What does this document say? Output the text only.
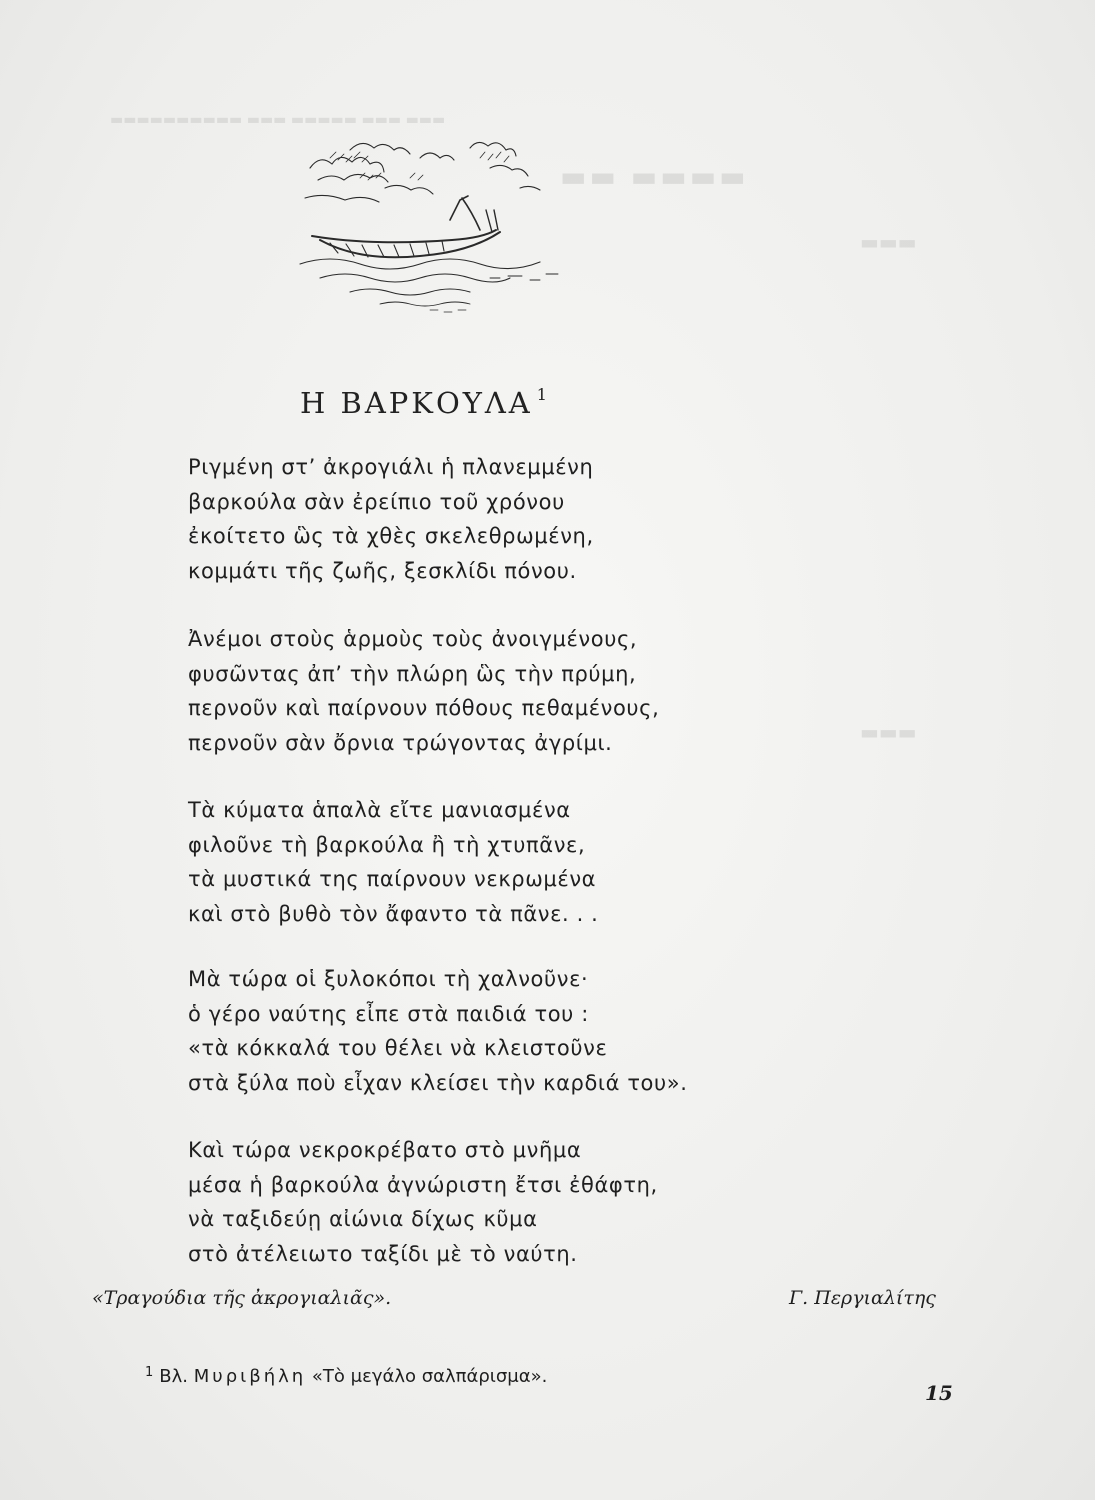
▬▬▬▬▬▬▬▬▬▬ ▬▬▬ ▬▬▬▬▬ ▬▬▬ ▬▬▬
▬▬ ▬▬▬▬
▬▬▬
▬▬▬
Η ΒΑΡΚΟΥΛΑ $^1$
Ριγμένη στ’ ἀκρογιάλι ἡ πλανεμμένη
βαρκούλα σὰν ἐρείπιο τοῦ χρόνου
ἐκοίτετο ὣς τὰ χθὲς σκελεθρωμένη,
κομμάτι τῆς ζωῆς, ξεσκλίδι πόνου.
Ἀνέμοι στοὺς ἁρμοὺς τοὺς ἀνοιγμένους,
φυσῶντας ἀπ’ τὴν πλώρη ὣς τὴν πρύμη,
περνοῦν καὶ παίρνουν πόθους πεθαμένους,
περνοῦν σὰν ὄρνια τρώγοντας ἀγρίμι.
Τὰ κύματα ἁπαλὰ εἴτε μανιασμένα
φιλοῦνε τὴ βαρκούλα ἢ τὴ χτυπᾶνε,
τὰ μυστικά της παίρνουν νεκρωμένα
καὶ στὸ βυθὸ τὸν ἄφαντο τὰ πᾶνε. . .
Μὰ τώρα οἱ ξυλοκόποι τὴ χαλνοῦνε·
ὁ γέρο ναύτης εἶπε στὰ παιδιά του :
«τὰ κόκκαλά του θέλει νὰ κλειστοῦνε
στὰ ξύλα ποὺ εἶχαν κλείσει τὴν καρδιά του».
Καὶ τώρα νεκροκρέβατο στὸ μνῆμα
μέσα ἡ βαρκούλα ἀγνώριστη ἔτσι ἐθάφτη,
νὰ ταξιδεύῃ αἰώνια δίχως κῦμα
στὸ ἀτέλειωτο ταξίδι μὲ τὸ ναύτη.
«Τραγούδια τῆς ἀκρογιαλιᾶς».	Γ. Περγιαλίτης
$^1$ Βλ. Μυριβήλη «Τὸ μεγάλο σαλπάρισμα».
15
